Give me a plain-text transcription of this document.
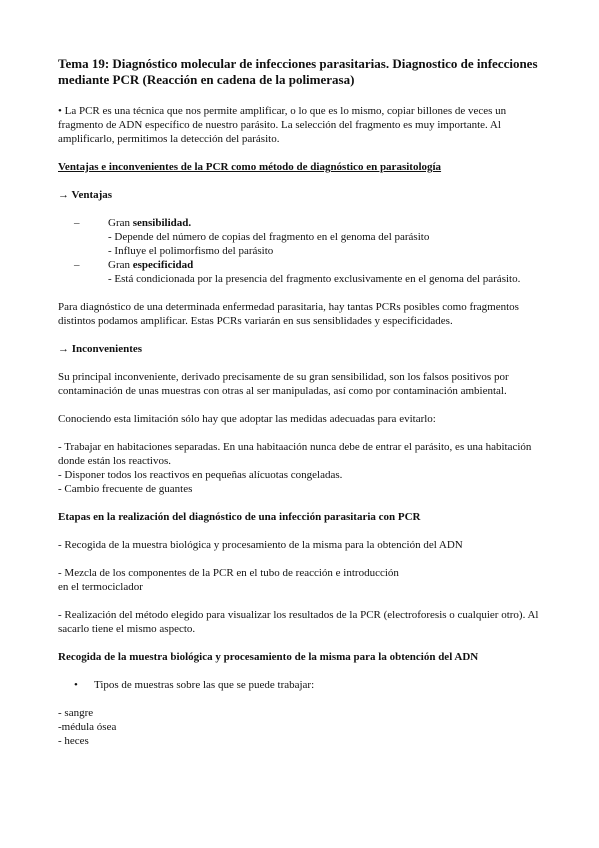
Tema 19: Diagnóstico molecular de infecciones parasitarias. Diagnostico de infecciones mediante PCR (Reacción en cadena de la polimerasa)

• La PCR es una técnica que nos permite amplificar, o lo que es lo mismo, copiar billones de veces un fragmento de ADN específico de nuestro parásito. La selección del fragmento es muy importante. Al amplificarlo, permitimos la detección del parásito.

Ventajas e inconvenientes de la PCR como método de diagnóstico en parasitología

→ Ventajas

–	Gran sensibilidad.
- Depende del número de copias del fragmento en el genoma del parásito
- Influye el polimorfismo del parásito
–	Gran especificidad
- Está condicionada por la presencia del fragmento exclusivamente en el genoma del parásito.

Para diagnóstico de una determinada enfermedad parasitaria, hay tantas PCRs posibles como fragmentos distintos podamos amplificar. Estas PCRs variarán en sus sensiblidades y especificidades.

→ Inconvenientes

Su principal inconveniente, derivado precisamente de su gran sensibilidad, son los falsos positivos por contaminación de unas muestras con otras al ser manipuladas, así como por contaminación ambiental.

Conociendo esta limitación sólo hay que adoptar las medidas adecuadas para evitarlo:

- Trabajar en habitaciones separadas. En una habitaación nunca debe de entrar el parásito, es una habitación donde están los reactivos.
- Disponer todos los reactivos en pequeñas alícuotas congeladas.
- Cambio frecuente de guantes

Etapas en la realización del diagnóstico de una infección parasitaria con PCR

- Recogida de la muestra biológica y procesamiento de la misma para la obtención del ADN

- Mezcla de los componentes de la PCR en el tubo de reacción e introducción
en el termociclador

- Realización del método elegido para visualizar los resultados de la PCR (electroforesis o cualquier otro). Al sacarlo tiene el mismo aspecto.

Recogida de la muestra biológica y procesamiento de la misma para la obtención del ADN

•	Tipos de muestras sobre las que se puede trabajar:
- sangre
-médula ósea
- heces
